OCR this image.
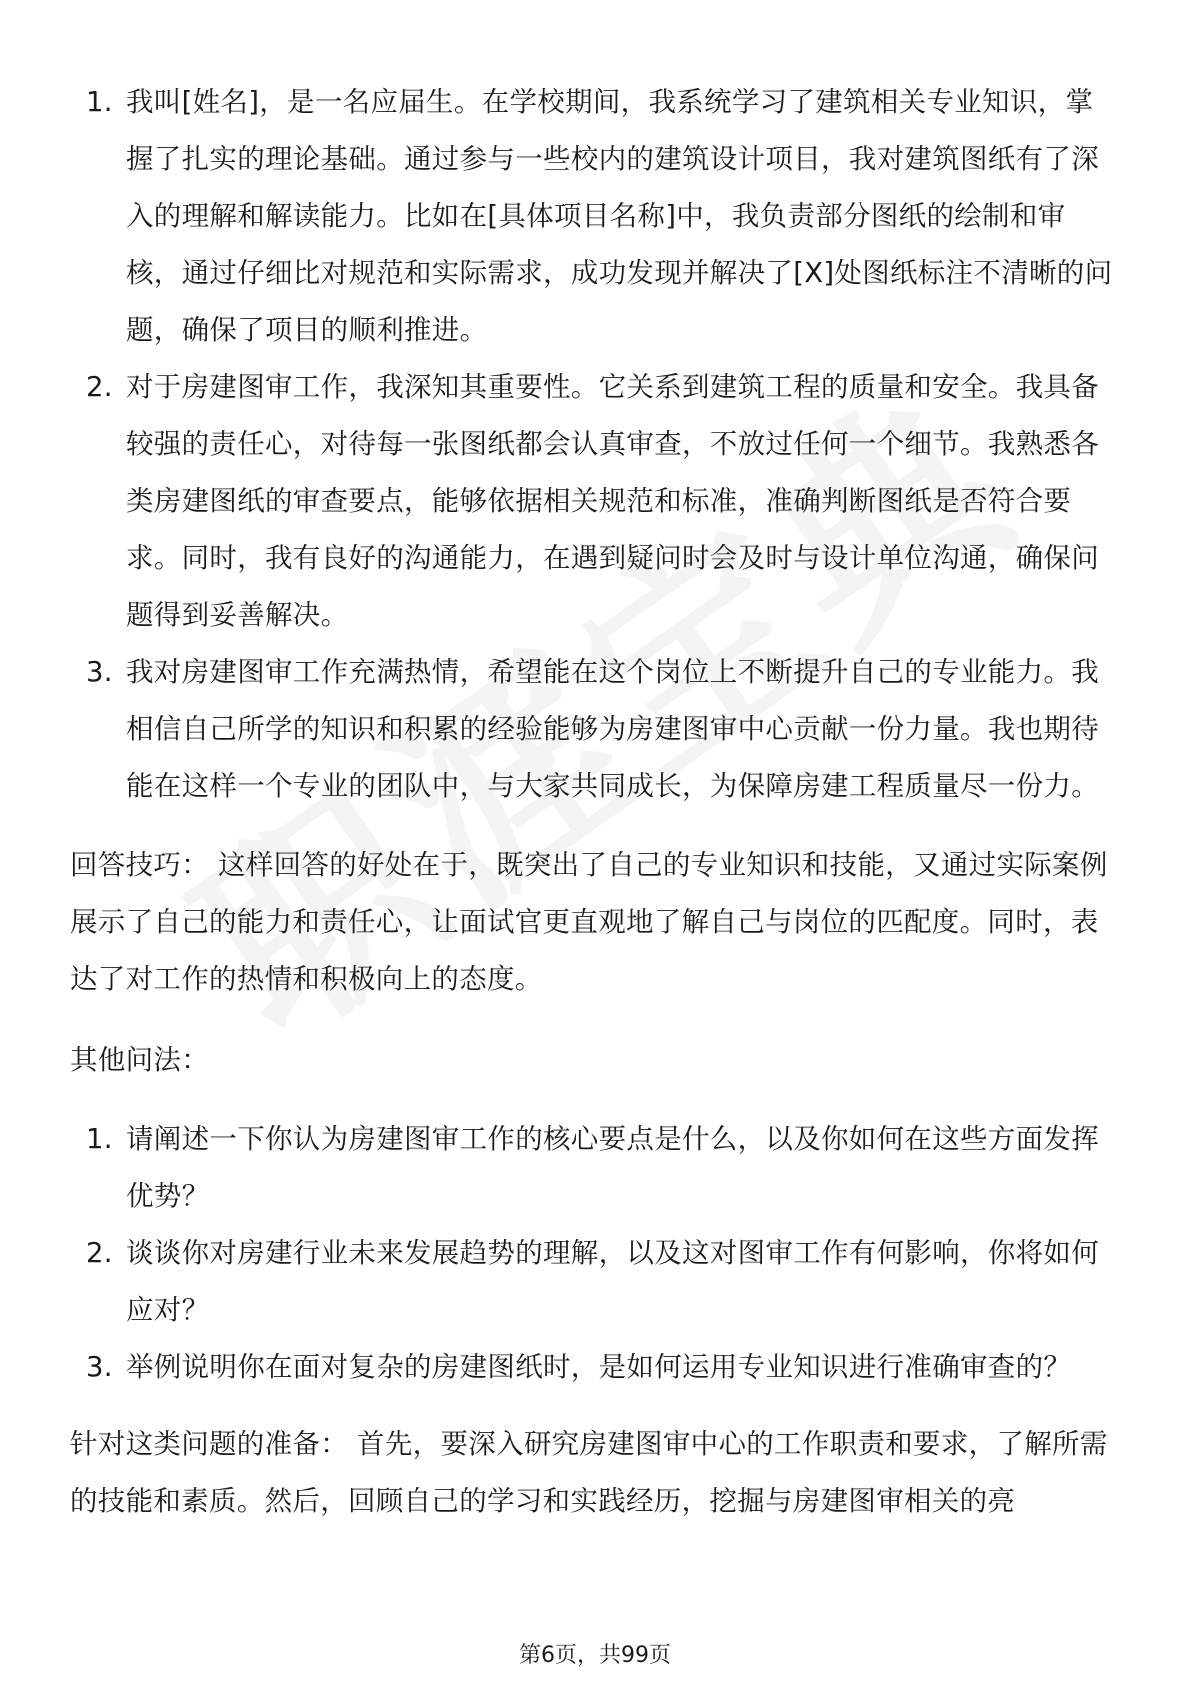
1. 我叫[姓名]，是一名应届生。在学校期间，我系统学习了建筑相关专业知识，掌握了扎实的理论基础。通过参与一些校内的建筑设计项目，我对建筑图纸有了深入的理解和解读能力。比如在[具体项目名称]中，我负责部分图纸的绘制和审核，通过仔细比对规范和实际需求，成功发现并解决了[X]处图纸标注不清晰的问题，确保了项目的顺利推进。
2. 对于房建图审工作，我深知其重要性。它关系到建筑工程的质量和安全。我具备较强的责任心，对待每一张图纸都会认真审查，不放过任何一个细节。我熟悉各类房建图纸的审查要点，能够依据相关规范和标准，准确判断图纸是否符合要求。同时，我有良好的沟通能力，在遇到疑问时会及时与设计单位沟通，确保问题得到妥善解决。
3. 我对房建图审工作充满热情，希望能在这个岗位上不断提升自己的专业能力。我相信自己所学的知识和积累的经验能够为房建图审中心贡献一份力量。我也期待能在这样一个专业的团队中，与大家共同成长，为保障房建工程质量尽一份力。

回答技巧： 这样回答的好处在于，既突出了自己的专业知识和技能，又通过实际案例展示了自己的能力和责任心，让面试官更直观地了解自己与岗位的匹配度。同时，表达了对工作的热情和积极向上的态度。

其他问法：

1. 请阐述一下你认为房建图审工作的核心要点是什么，以及你如何在这些方面发挥优势？
2. 谈谈你对房建行业未来发展趋势的理解，以及这对图审工作有何影响，你将如何应对？
3. 举例说明你在面对复杂的房建图纸时，是如何运用专业知识进行准确审查的？

针对这类问题的准备： 首先，要深入研究房建图审中心的工作职责和要求，了解所需的技能和素质。然后，回顾自己的学习和实践经历，挖掘与房建图审相关的亮

第6页，共99页
